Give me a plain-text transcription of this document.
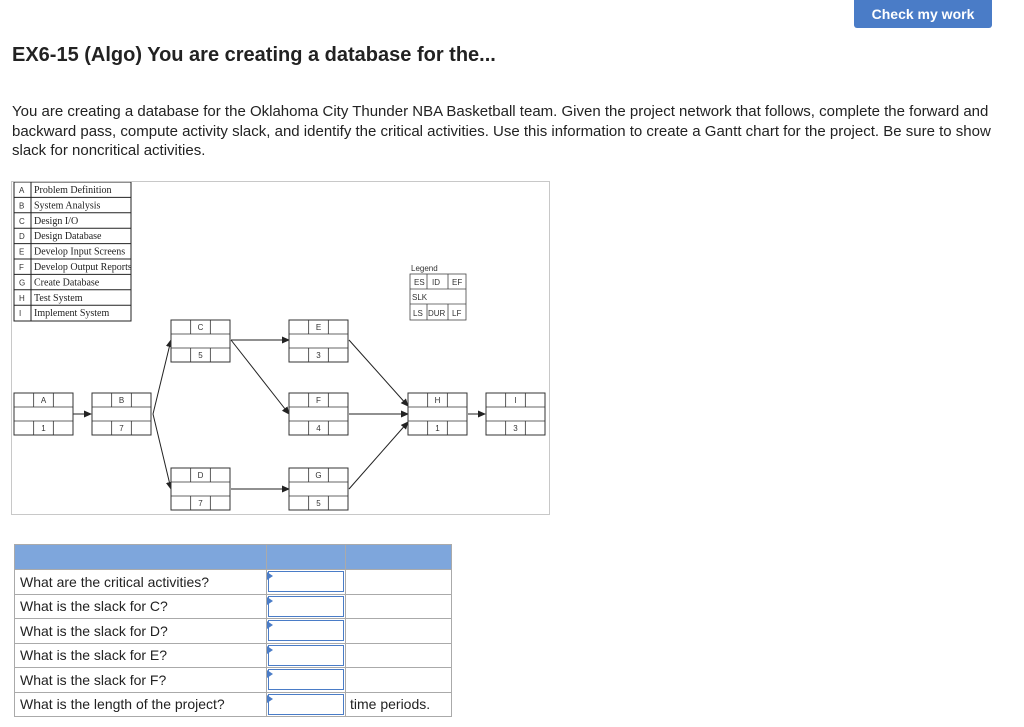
Check my work
EX6-15 (Algo) You are creating a database for the...

You are creating a database for the Oklahoma City Thunder NBA Basketball team. Given the project network that follows, complete the forward and backward pass, compute activity slack, and identify the critical activities. Use this information to create a Gantt chart for the project. Be sure to show slack for noncritical activities.

A Problem Definition
B System Analysis
C Design I/O
D Design Database
E Develop Input Screens
F Develop Output Reports
G Create Database
H Test System
I Implement System
Legend
ES ID EF
SLK
LS DUR LF
A
1
B
7
C
5
D
7
E
3
F
4
G
5
H
1
I
3

What are the critical activities?	

What is the slack for C?	

What is the slack for D?	

What is the slack for E?	

What is the slack for F?	

What is the length of the project?		time periods.
